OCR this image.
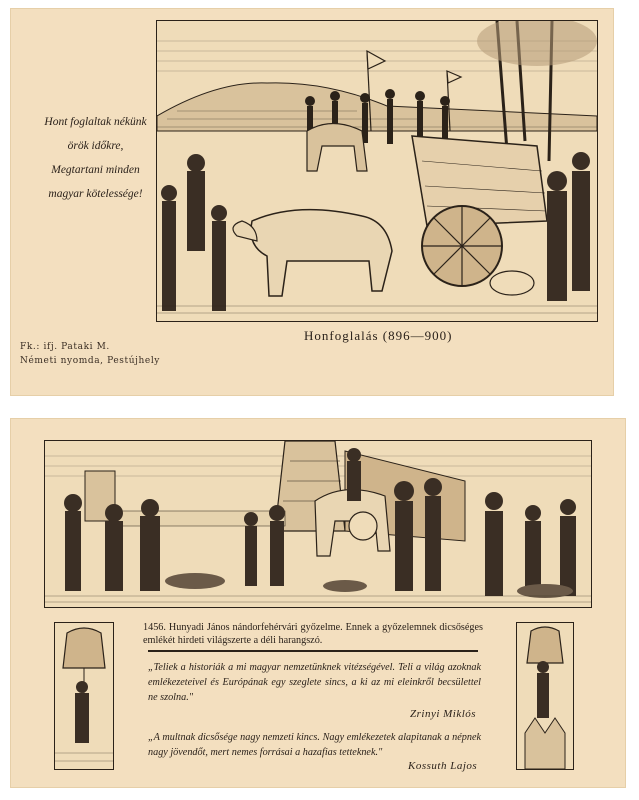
Hont foglaltak nékünk
örök időkre,
Megtartani minden
magyar kötelessége!
Honfoglalás (896—900)
Fk.: ifj. Pataki M.
Németi nyomda, Pestújhely
1456. Hunyadi János nándorfehérvári győzelme. Ennek a győzelemnek dicsőséges emlékét hirdeti világszerte a déli harangszó.
„Teliek a historiák a mi magyar nemzetünknek vitézségével. Teli a világ azoknak emlékezeteivel és Európának egy szeglete sincs, a ki az mi eleinkről becsülettel ne szolna."
Zrinyi Miklós
„A multnak dicsősége nagy nemzeti kincs. Nagy emlékezetek alapitanak a népnek nagy jövendőt, mert nemes forrásai a hazafias tetteknek."
Kossuth Lajos
